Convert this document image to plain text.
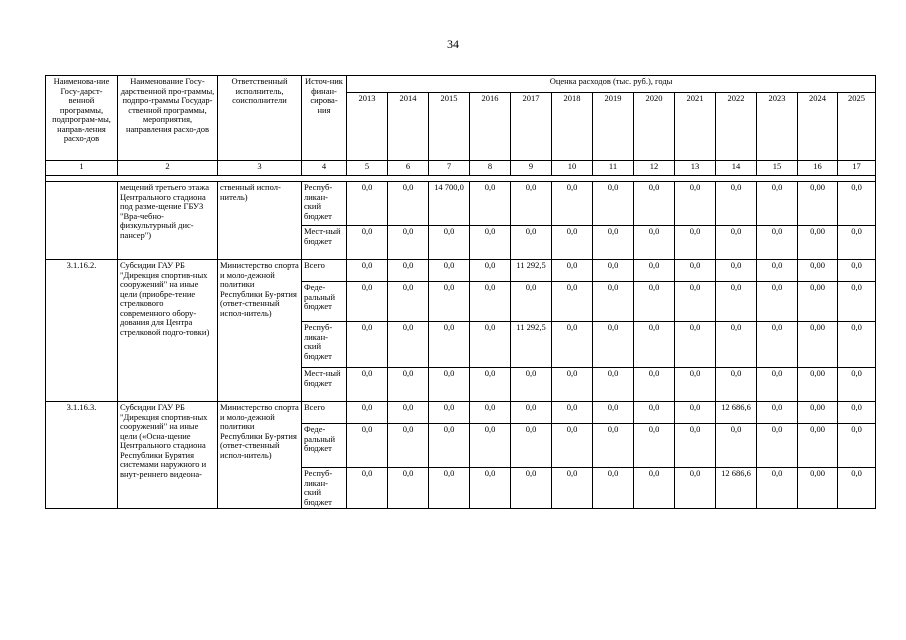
34
Наименова-ние Госу-дарст-венной программы, подпрограм-мы, направ-ления расхо-дов	Наименование Госу-дарственной про-граммы, подпро-граммы Государ-ственной программы, мероприятия, направления расхо-дов	Ответственный исполнитель, соисполнители	Источ-ник финан-сирова-ния	Оценка расходов (тыс. руб.), годы												
				2013	2014	2015	2016	2017	2018	2019	2020	2021	2022	2023	2024	2025
1	2	3	4	5	6	7	8	9	10	11	12	13	14	15	16	17

	мещений третьего этажа Центрального стадиона под разме-щение ГБУЗ "Вра-чебно-физкультурный дис-пансер")	ственный испол-нитель)	Респуб-ликан-ский бюджет	0,0	0,0	14 700,0	0,0	0,0	0,0	0,0	0,0	0,0	0,0	0,0	0,00	0,0
			Мест-ный бюджет	0,0	0,0	0,0	0,0	0,0	0,0	0,0	0,0	0,0	0,0	0,0	0,00	0,0
3.1.16.2.	Субсидии ГАУ РБ "Дирекция спортив-ных сооружений" на иные цели (приобре-тение стрелкового современного обору-дования для Центра стрелковой подго-товки)	Министерство спорта и моло-дежной политики Республики Бу-рятия (ответ-ственный испол-нитель)	Всего	0,0	0,0	0,0	0,0	11 292,5	0,0	0,0	0,0	0,0	0,0	0,0	0,00	0,0
			Феде-ральный бюджет	0,0	0,0	0,0	0,0	0,0	0,0	0,0	0,0	0,0	0,0	0,0	0,00	0,0
			Респуб-ликан-ский бюджет	0,0	0,0	0,0	0,0	11 292,5	0,0	0,0	0,0	0,0	0,0	0,0	0,00	0,0
			Мест-ный бюджет	0,0	0,0	0,0	0,0	0,0	0,0	0,0	0,0	0,0	0,0	0,0	0,00	0,0
3.1.16.3.	Субсидии ГАУ РБ "Дирекция спортив-ных сооружений" на иные цели («Осна-щение Центрального стадиона Республики Бурятия системами наружного и внут-реннего видеона-	Министерство спорта и моло-дежной политики Республики Бу-рятия (ответ-ственный испол-нитель)	Всего	0,0	0,0	0,0	0,0	0,0	0,0	0,0	0,0	0,0	12 686,6	0,0	0,00	0,0
			Феде-ральный бюджет	0,0	0,0	0,0	0,0	0,0	0,0	0,0	0,0	0,0	0,0	0,0	0,00	0,0
			Респуб-ликан-ский бюджет	0,0	0,0	0,0	0,0	0,0	0,0	0,0	0,0	0,0	12 686,6	0,0	0,00	0,0
